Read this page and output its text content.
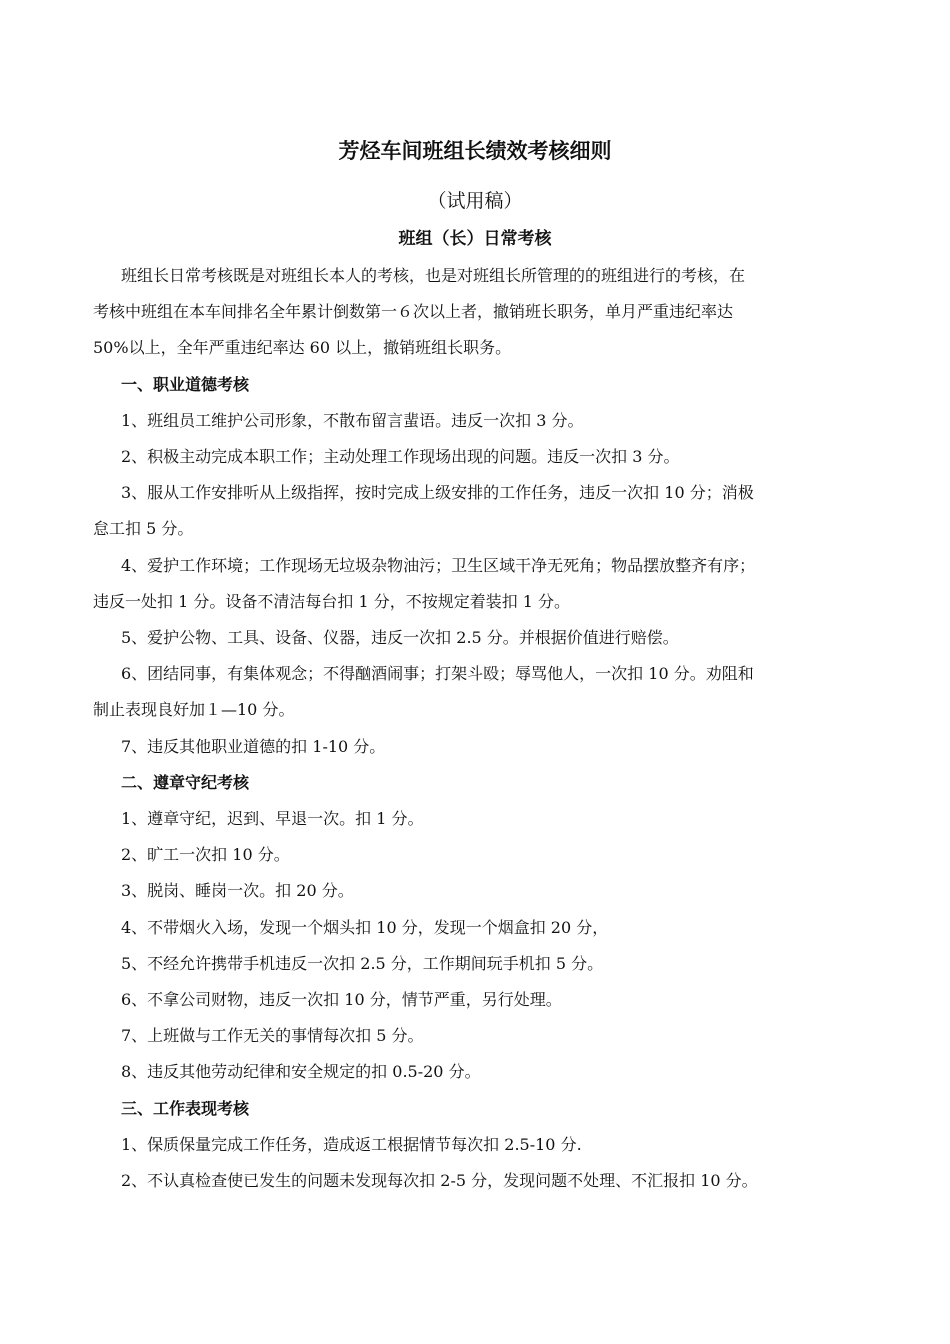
芳烃车间班组长绩效考核细则
（试用稿）
班组（长）日常考核
班组长日常考核既是对班组长本人的考核，也是对班组长所管理的的班组进行的考核，在
考核中班组在本车间排名全年累计倒数第一６次以上者，撤销班长职务，单月严重违纪率达
50%以上，全年严重违纪率达 60 以上，撤销班组长职务。
一、职业道德考核
1、班组员工维护公司形象，不散布留言蜚语。违反一次扣 3 分。
2、积极主动完成本职工作；主动处理工作现场出现的问题。违反一次扣 3 分。
3、服从工作安排听从上级指挥，按时完成上级安排的工作任务，违反一次扣 10 分；消极
怠工扣 5 分。
4、爱护工作环境；工作现场无垃圾杂物油污；卫生区域干净无死角；物品摆放整齐有序；
违反一处扣 1 分。设备不清洁每台扣 1 分，不按规定着装扣 1 分。
5、爱护公物、工具、设备、仪器，违反一次扣 2.5 分。并根据价值进行赔偿。
6、团结同事，有集体观念；不得酗酒闹事；打架斗殴；辱骂他人，一次扣 10 分。劝阻和
制止表现良好加１—10 分。
7、违反其他职业道德的扣 1-10 分。
二、遵章守纪考核
1、遵章守纪，迟到、早退一次。扣 1 分。
2、旷工一次扣 10 分。
3、脱岗、睡岗一次。扣 20 分。
4、不带烟火入场，发现一个烟头扣 10 分，发现一个烟盒扣 20 分，
5、不经允许携带手机违反一次扣 2.5 分，工作期间玩手机扣 5 分。
6、不拿公司财物，违反一次扣 10 分，情节严重，另行处理。
7、上班做与工作无关的事情每次扣 5 分。
8、违反其他劳动纪律和安全规定的扣 0.5-20 分。
三、工作表现考核
1、保质保量完成工作任务，造成返工根据情节每次扣 2.5-10 分.
2、不认真检查使已发生的问题未发现每次扣 2-5 分，发现问题不处理、不汇报扣 10 分。
